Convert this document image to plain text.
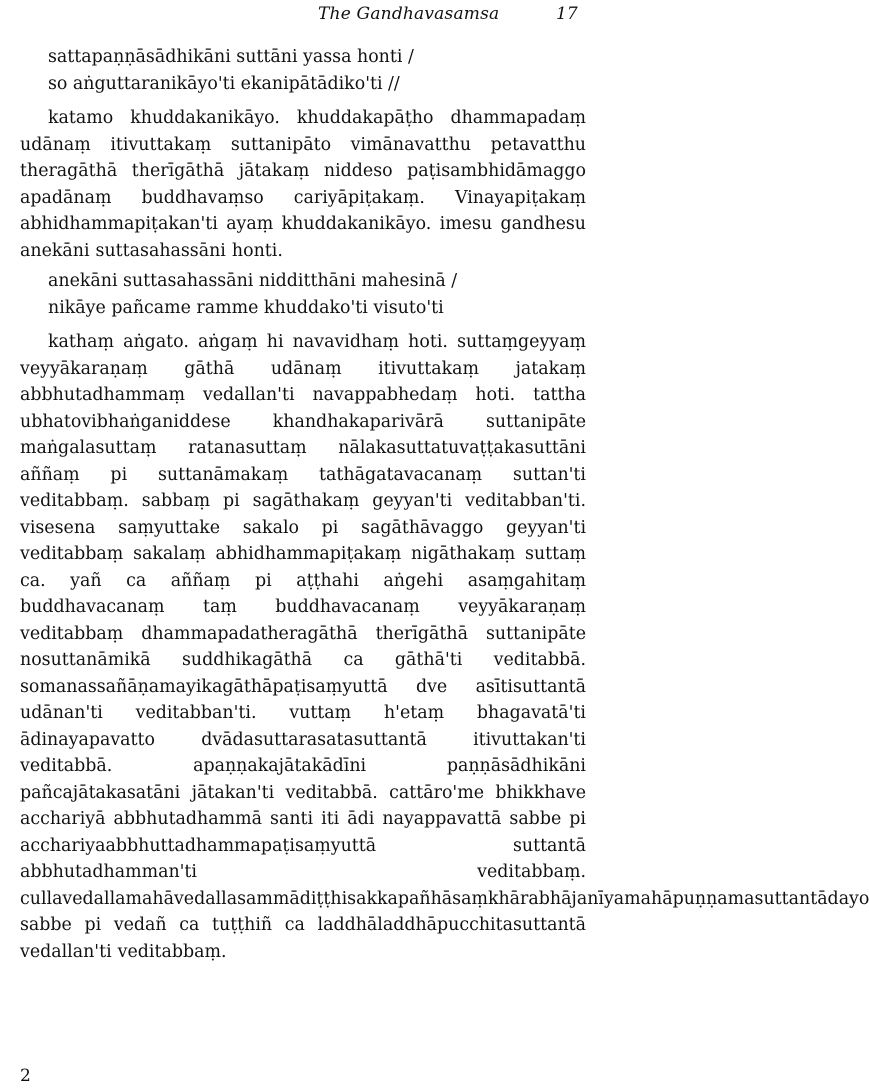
The Gandhavasamsa	17

sattapaṇṇāsādhikāni suttāni yassa honti /

so aṅguttaranikāyo'ti ekanipātādiko'ti //

katamo khuddakanikāyo. khuddakapāṭho dhammapadaṃ udānaṃ itivuttakaṃ suttanipāto vimānavatthu petavatthu theragāthā therīgāthā jātakaṃ niddeso paṭisambhidāmaggo apadānaṃ buddhavaṃso cariyāpiṭakaṃ. Vinayapiṭakaṃ abhidhammapiṭakan'ti ayaṃ khuddakanikāyo. imesu gandhesu anekāni suttasahassāni honti.

anekāni suttasahassāni nidditthāni mahesinā /

nikāye pañcame ramme khuddako'ti visuto'ti

kathaṃ aṅgato. aṅgaṃ hi navavidhaṃ hoti. suttaṃgeyyaṃ veyyākaraṇaṃ gāthā udānaṃ itivuttakaṃ jatakaṃ abbhutadhammaṃ vedallan'ti navappabhedaṃ hoti. tattha ubhatovibhaṅganiddese khandhakaparivārā suttanipāte maṅgalasuttaṃ ratanasuttaṃ nālakasuttatuvaṭṭakasuttāni aññaṃ pi suttanāmakaṃ tathāgatavacanaṃ suttan'ti veditabbaṃ. sabbaṃ pi sagāthakaṃ geyyan'ti veditabban'ti. visesena saṃyuttake sakalo pi sagāthāvaggo geyyan'ti veditabbaṃ sakalaṃ abhidhammapiṭakaṃ nigāthakaṃ suttaṃ ca. yañ ca aññaṃ pi aṭṭhahi aṅgehi asaṃgahitaṃ buddhavacanaṃ taṃ buddhavacanaṃ veyyākaraṇaṃ veditabbaṃ dhammapadatheragāthā therīgāthā suttanipāte nosuttanāmikā suddhikagāthā ca gāthā'ti veditabbā. somanassañāṇamayikagāthāpaṭisaṃyuttā dve asītisuttantā udānan'ti veditabban'ti. vuttaṃ h'etaṃ bhagavatā'ti ādinayapavatto dvādasuttarasatasuttantā itivuttakan'ti veditabbā. apaṇṇakajātakādīni paṇṇāsādhikāni pañcajātakasatāni jātakan'ti veditabbā. cattāro'me bhikkhave acchariyā abbhutadhammā santi iti ādi nayappavattā sabbe pi acchariyaabbhuttadhammapaṭisaṃyuttā suttantā abbhutadhamman'ti veditabbaṃ. cullavedallamahāvedallasammādiṭṭhisakkapañhāsaṃkhārabhājanīyamahāpuṇṇamasuttantādayo sabbe pi vedañ ca tuṭṭhiñ ca laddhāladdhāpucchitasuttantā vedallan'ti veditabbaṃ.

2
